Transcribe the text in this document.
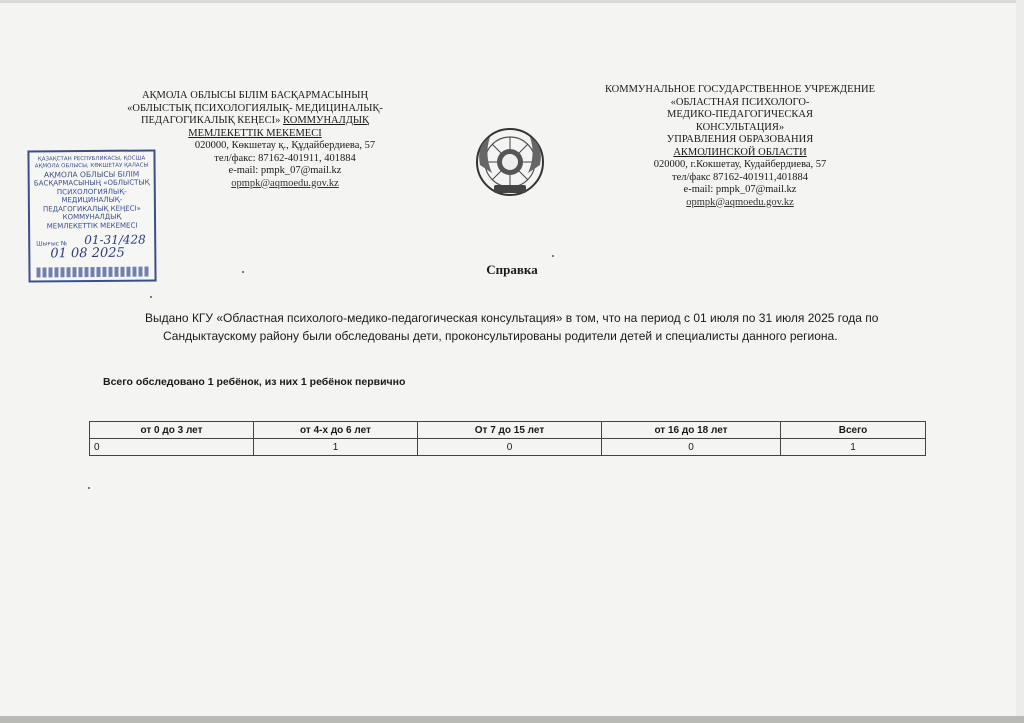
АҚМОЛА ОБЛЫСЫ БІЛІМ БАСҚАРМАСЫНЫҢ
«ОБЛЫСТЫҚ ПСИХОЛОГИЯЛЫҚ- МЕДИЦИНАЛЫҚ-
ПЕДАГОГИКАЛЫҚ КЕҢЕСІ» КОММУНАЛДЫҚ
МЕМЛЕКЕТТІК МЕКЕМЕСІ
020000, Көкшетау қ., Құдайбердиева, 57
тел/факс: 87162-401911, 401884
e-mail: pmpk_07@mail.kz
opmpk@aqmoedu.gov.kz
КОММУНАЛЬНОЕ ГОСУДАРСТВЕННОЕ УЧРЕЖДЕНИЕ
«ОБЛАСТНАЯ ПСИХОЛОГО-
МЕДИКО-ПЕДАГОГИЧЕСКАЯ
КОНСУЛЬТАЦИЯ»
УПРАВЛЕНИЯ ОБРАЗОВАНИЯ
АКМОЛИНСКОЙ ОБЛАСТИ
020000, г.Кокшетау, Кудайбердиева, 57
тел/факс 87162-401911,401884
e-mail: pmpk_07@mail.kz
opmpk@aqmoedu.gov.kz
ҚАЗАҚСТАН РЕСПУБЛИКАСЫ, ҚОСША
АҚМОЛА ОБЛЫСЫ, КӨКШЕТАУ ҚАЛАСЫ
АҚМОЛА ОБЛЫСЫ БІЛІМ
БАСҚАРМАСЫНЫҢ «ОБЛЫСТЫҚ
ПСИХОЛОГИЯЛЫҚ-
МЕДИЦИНАЛЫҚ-
ПЕДАГОГИКАЛЫҚ КЕҢЕСІ»
КОММУНАЛДЫҚ
МЕМЛЕКЕТТІК МЕКЕМЕСІ
Шығыс №	01-31/428
01 08 2025
Справка
Выдано КГУ «Областная психолого-медико-педагогическая консультация» в том, что на период с 01 июля по 31 июля 2025 года по
Сандыктаускому району были обследованы дети, проконсультированы родители детей и специалисты данного региона.
Всего обследовано 1 ребёнок, из них 1 ребёнок первично
от 0 до 3 лет	от 4-х до 6 лет	От 7 до 15 лет	от 16 до 18 лет	Всего
0	1	0	0	1
